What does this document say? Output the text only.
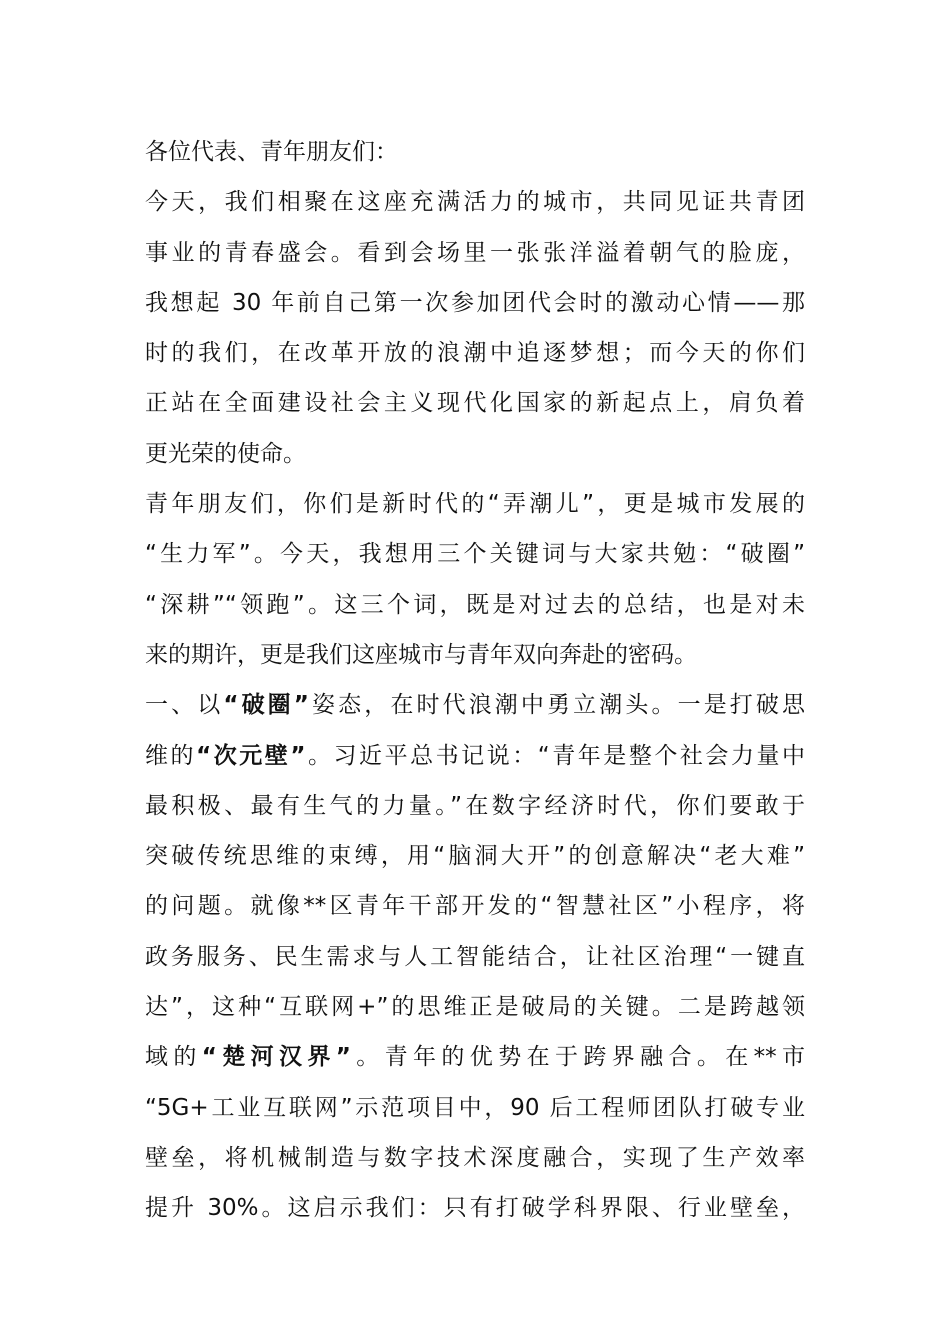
各位代表、青年朋友们：
今天，我们相聚在这座充满活力的城市，共同见证共青团
事业的青春盛会。看到会场里一张张洋溢着朝气的脸庞，
我想起 30 年前自己第一次参加团代会时的激动心情——那
时的我们，在改革开放的浪潮中追逐梦想；而今天的你们
正站在全面建设社会主义现代化国家的新起点上，肩负着
更光荣的使命。
青年朋友们，你们是新时代的“弄潮儿”，更是城市发展的
“生力军”。今天，我想用三个关键词与大家共勉：“破圈”
“深耕”“领跑”。这三个词，既是对过去的总结，也是对未
来的期许，更是我们这座城市与青年双向奔赴的密码。
一、以“破圈”姿态，在时代浪潮中勇立潮头。一是打破思
维的“次元壁”。习近平总书记说：“青年是整个社会力量中
最积极、最有生气的力量。”在数字经济时代，你们要敢于
突破传统思维的束缚，用“脑洞大开”的创意解决“老大难”
的问题。就像**区青年干部开发的“智慧社区”小程序，将
政务服务、民生需求与人工智能结合，让社区治理“一键直
达”，这种“互联网+”的思维正是破局的关键。二是跨越领
域的“楚河汉界”。青年的优势在于跨界融合。在**市
“5G+工业互联网”示范项目中，90 后工程师团队打破专业
壁垒，将机械制造与数字技术深度融合，实现了生产效率
提升 30%。这启示我们：只有打破学科界限、行业壁垒，
